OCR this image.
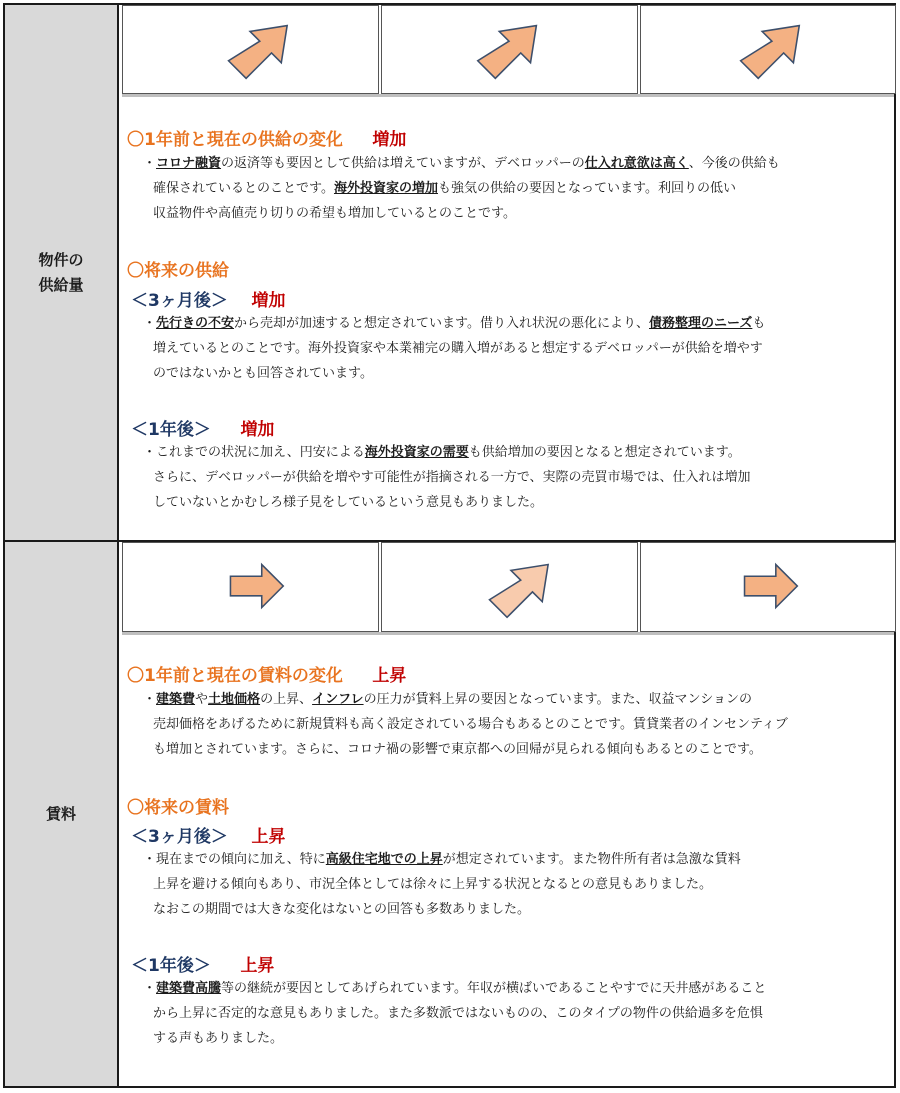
物件の
供給量
〇1年前と現在の供給の変化 増加
・コロナ融資の返済等も要因として供給は増えていますが、デベロッパーの仕入れ意欲は高く、今後の供給も
確保されているとのことです。海外投資家の増加も強気の供給の要因となっています。利回りの低い
収益物件や高値売り切りの希望も増加しているとのことです。
〇将来の供給
＜3ヶ月後＞ 増加
・先行きの不安から売却が加速すると想定されています。借り入れ状況の悪化により、債務整理のニーズも
増えているとのことです。海外投資家や本業補完の購入増があると想定するデベロッパーが供給を増やす
のではないかとも回答されています。
＜1年後＞ 増加
・これまでの状況に加え、円安による海外投資家の需要も供給増加の要因となると想定されています。
さらに、デベロッパーが供給を増やす可能性が指摘される一方で、実際の売買市場では、仕入れは増加
していないとかむしろ様子見をしているという意見もありました。
賃料
〇1年前と現在の賃料の変化 上昇
・建築費や土地価格の上昇、インフレの圧力が賃料上昇の要因となっています。また、収益マンションの
売却価格をあげるために新規賃料も高く設定されている場合もあるとのことです。賃貸業者のインセンティブ
も増加とされています。さらに、コロナ禍の影響で東京都への回帰が見られる傾向もあるとのことです。
〇将来の賃料
＜3ヶ月後＞ 上昇
・現在までの傾向に加え、特に高級住宅地での上昇が想定されています。また物件所有者は急激な賃料
上昇を避ける傾向もあり、市況全体としては徐々に上昇する状況となるとの意見もありました。
なおこの期間では大きな変化はないとの回答も多数ありました。
＜1年後＞ 上昇
・建築費高騰等の継続が要因としてあげられています。年収が横ばいであることやすでに天井感があること
から上昇に否定的な意見もありました。また多数派ではないものの、このタイプの物件の供給過多を危惧
する声もありました。
